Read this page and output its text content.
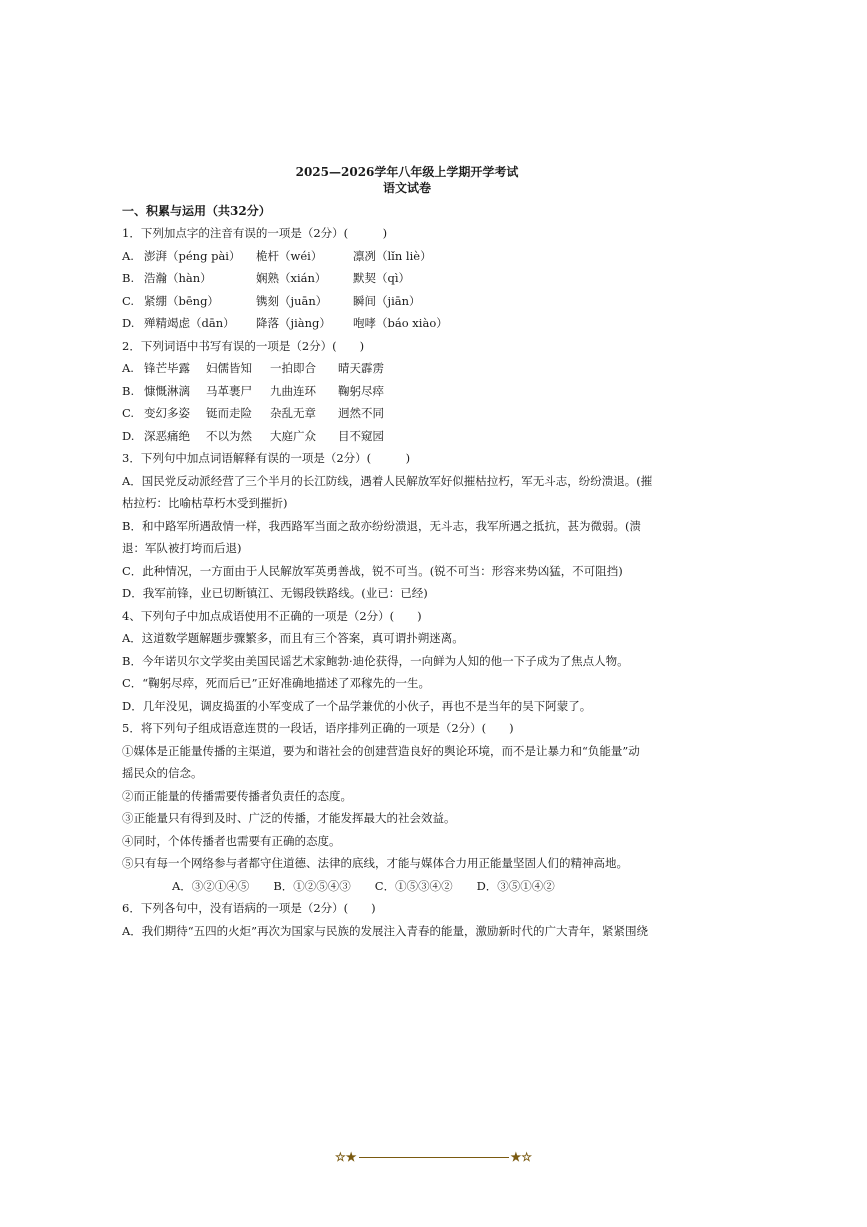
2025—2026学年八年级上学期开学考试
语文试卷
一、积累与运用（共32分）
1．下列加点字的注音有误的一项是（2分）(　　　)
A. 澎湃（péng pài）	桅杆（wéi）	凛冽（lǐn liè）
B. 浩瀚（hàn）	娴熟（xián）	默契（qì）
C. 紧绷（bēng）	镌刻（juān）	瞬间（jiān）
D. 殚精竭虑（dān）	降落（jiàng）	咆哮（báo xiào）
2．下列词语中书写有误的一项是（2分）(　　)
A. 锋芒毕露	妇儒皆知	一拍即合	晴天霹雳
B. 慷慨淋漓	马革裹尸	九曲连环	鞠躬尽瘁
C. 变幻多姿	铤而走险	杂乱无章	迥然不同
D. 深恶痛绝	不以为然	大庭广众	目不窥园
3．下列句中加点词语解释有误的一项是（2分）(　　　)
A．国民党反动派经营了三个半月的长江防线，遇着人民解放军好似摧枯拉朽，军无斗志，纷纷溃退。(摧
枯拉朽：比喻枯草朽木受到摧折)
B．和中路军所遇敌情一样，我西路军当面之敌亦纷纷溃退，无斗志，我军所遇之抵抗，甚为微弱。(溃
退：军队被打垮而后退)
C．此种情况，一方面由于人民解放军英勇善战，锐不可当。(锐不可当：形容来势凶猛，不可阻挡)
D．我军前锋，业已切断镇江、无锡段铁路线。(业已：已经)
4、下列句子中加点成语使用不正确的一项是（2分）(　　)
A．这道数学题解题步骤繁多，而且有三个答案，真可谓扑朔迷离。
B．今年诺贝尔文学奖由美国民谣艺术家鲍勃·迪伦获得，一向鲜为人知的他一下子成为了焦点人物。
C．“鞠躬尽瘁，死而后已”正好准确地描述了邓稼先的一生。
D．几年没见，调皮捣蛋的小军变成了一个品学兼优的小伙子，再也不是当年的吴下阿蒙了。
5．将下列句子组成语意连贯的一段话，语序排列正确的一项是（2分）(　　)
①媒体是正能量传播的主渠道，要为和谐社会的创建营造良好的舆论环境，而不是让暴力和“负能量”动
摇民众的信念。
②而正能量的传播需要传播者负责任的态度。
③正能量只有得到及时、广泛的传播，才能发挥最大的社会效益。
④同时，个体传播者也需要有正确的态度。
⑤只有每一个网络参与者都守住道德、法律的底线，才能与媒体合力用正能量坚固人们的精神高地。
A．③②①④⑤ B．①②⑤④③ C．①⑤③④② D．③⑤①④②
6．下列各句中，没有语病的一项是（2分）(　　)
A．我们期待“五四的火炬”再次为国家与民族的发展注入青春的能量，激励新时代的广大青年，紧紧围绕
☆★	★☆
